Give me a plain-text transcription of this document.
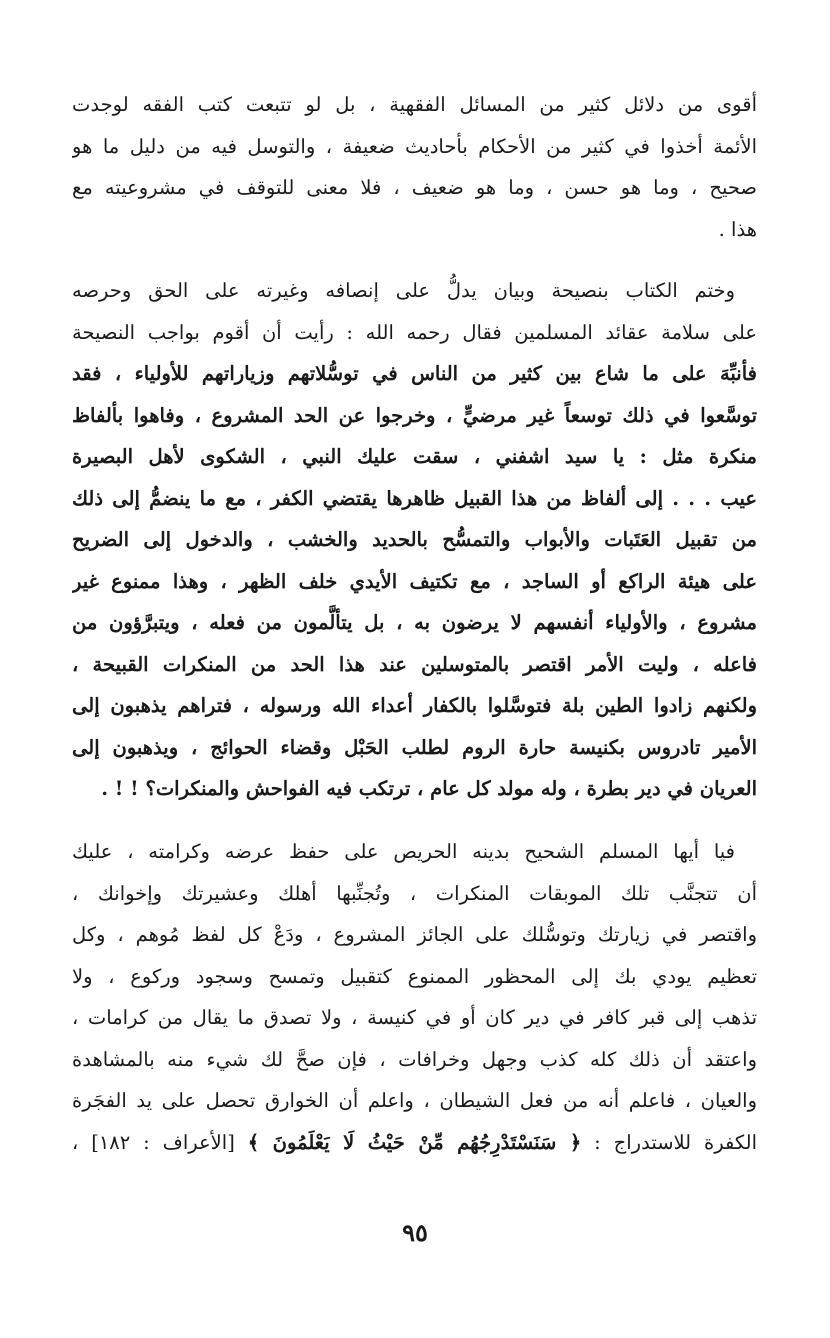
أقوى من دلائل كثير من المسائل الفقهية ، بل لو تتبعت كتب الفقه لوجدت
الأئمة أخذوا في كثير من الأحكام بأحاديث ضعيفة ، والتوسل فيه من دليل ما هو
صحيح ، وما هو حسن ، وما هو ضعيف ، فلا معنى للتوقف في مشروعيته مع
هذا .
وختم الكتاب بنصيحة وبيان يدلُّ على إنصافه وغيرته على الحق وحرصه
على سلامة عقائد المسلمين فقال رحمه الله : رأيت أن أقوم بواجب النصيحة
فأنبِّهَ على ما شاع بين كثير من الناس في توسُّلاتهم وزياراتهم للأولياء ، فقد
توسَّعوا في ذلك توسعاً غير مرضيٍّ ، وخرجوا عن الحد المشروع ، وفاهوا بألفاظ
منكرة مثل : يا سيد اشفني ، سقت عليك النبي ، الشكوى لأهل البصيرة
عيب . . . إلى ألفاظ من هذا القبيل ظاهرها يقتضي الكفر ، مع ما ينضمُّ إلى ذلك
من تقبيل العَتَبات والأبواب والتمسُّح بالحديد والخشب ، والدخول إلى الضريح
على هيئة الراكع أو الساجد ، مع تكتيف الأيدي خلف الظهر ، وهذا ممنوع غير
مشروع ، والأولياء أنفسهم لا يرضون به ، بل يتألَّمون من فعله ، ويتبرَّؤون من
فاعله ، وليت الأمر اقتصر بالمتوسلين عند هذا الحد من المنكرات القبيحة ،
ولكنهم زادوا الطين بلة فتوسَّلوا بالكفار أعداء الله ورسوله ، فتراهم يذهبون إلى
الأمير تادروس بكنيسة حارة الروم لطلب الحَبْل وقضاء الحوائج ، ويذهبون إلى
العريان في دير بطرة ، وله مولد كل عام ، ترتكب فيه الفواحش والمنكرات؟ ! ! .
فيا أيها المسلم الشحيح بدينه الحريص على حفظ عرضه وكرامته ، عليك
أن تتجنَّب تلك الموبقات المنكرات ، وتُجنِّبها أهلك وعشيرتك وإخوانك ،
واقتصر في زيارتك وتوسُّلك على الجائز المشروع ، ودَعْ كل لفظ مُوهم ، وكل
تعظيم يودي بك إلى المحظور الممنوع كتقبيل وتمسح وسجود وركوع ، ولا
تذهب إلى قبر كافر في دير كان أو في كنيسة ، ولا تصدق ما يقال من كرامات ،
واعتقد أن ذلك كله كذب وجهل وخرافات ، فإن صحَّ لك شيء منه بالمشاهدة
والعيان ، فاعلم أنه من فعل الشيطان ، واعلم أن الخوارق تحصل على يد الفجَرة
الكفرة للاستدراج : ﴿ سَنَسْتَدْرِجُهُم مِّنْ حَيْثُ لَا يَعْلَمُونَ ﴾ [الأعراف : ١٨٢] ،
٩٥
